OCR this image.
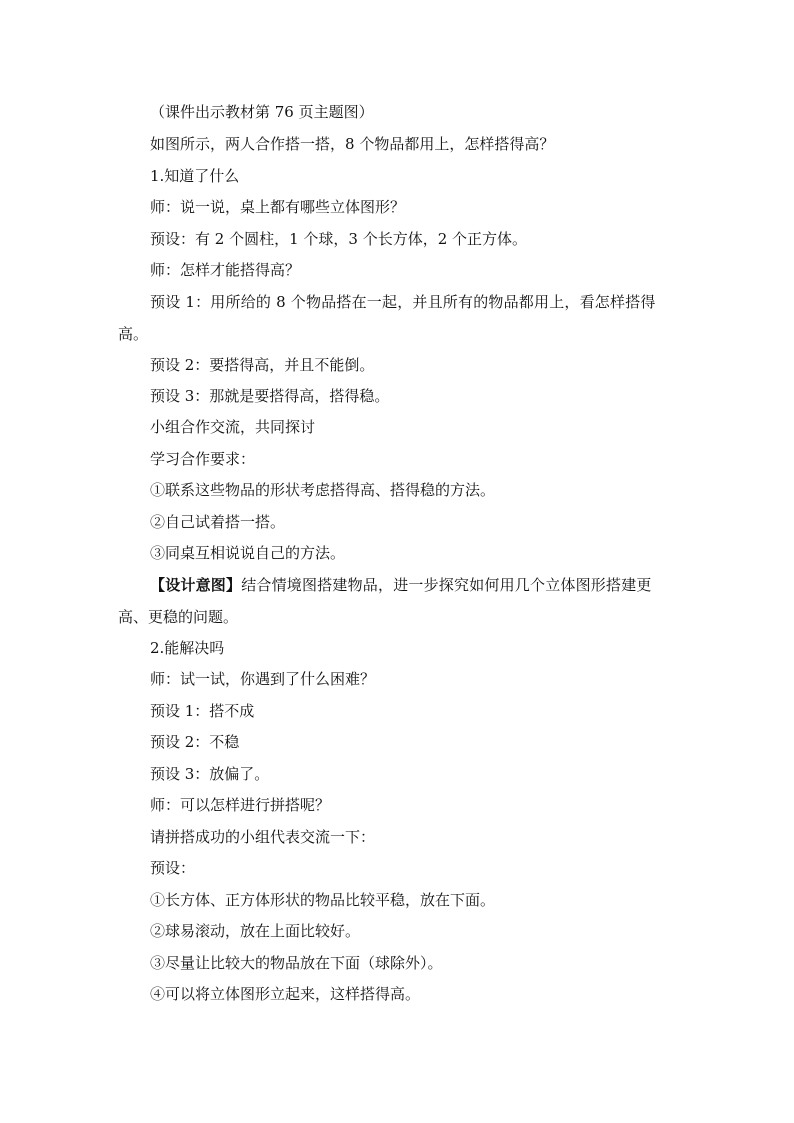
（课件出示教材第 76 页主题图）
如图所示，两人合作搭一搭，8 个物品都用上，怎样搭得高？
1.知道了什么
师：说一说，桌上都有哪些立体图形？
预设：有 2 个圆柱，1 个球，3 个长方体，2 个正方体。
师：怎样才能搭得高？
预设 1：用所给的 8 个物品搭在一起，并且所有的物品都用上，看怎样搭得
高。
预设 2：要搭得高，并且不能倒。
预设 3：那就是要搭得高，搭得稳。
小组合作交流，共同探讨
学习合作要求：
①联系这些物品的形状考虑搭得高、搭得稳的方法。
②自己试着搭一搭。
③同桌互相说说自己的方法。
【设计意图】结合情境图搭建物品，进一步探究如何用几个立体图形搭建更
高、更稳的问题。
2.能解决吗
师：试一试，你遇到了什么困难？
预设 1：搭不成
预设 2：不稳
预设 3：放偏了。
师：可以怎样进行拼搭呢？
请拼搭成功的小组代表交流一下：
预设：
①长方体、正方体形状的物品比较平稳，放在下面。
②球易滚动，放在上面比较好。
③尽量让比较大的物品放在下面（球除外）。
④可以将立体图形立起来，这样搭得高。
